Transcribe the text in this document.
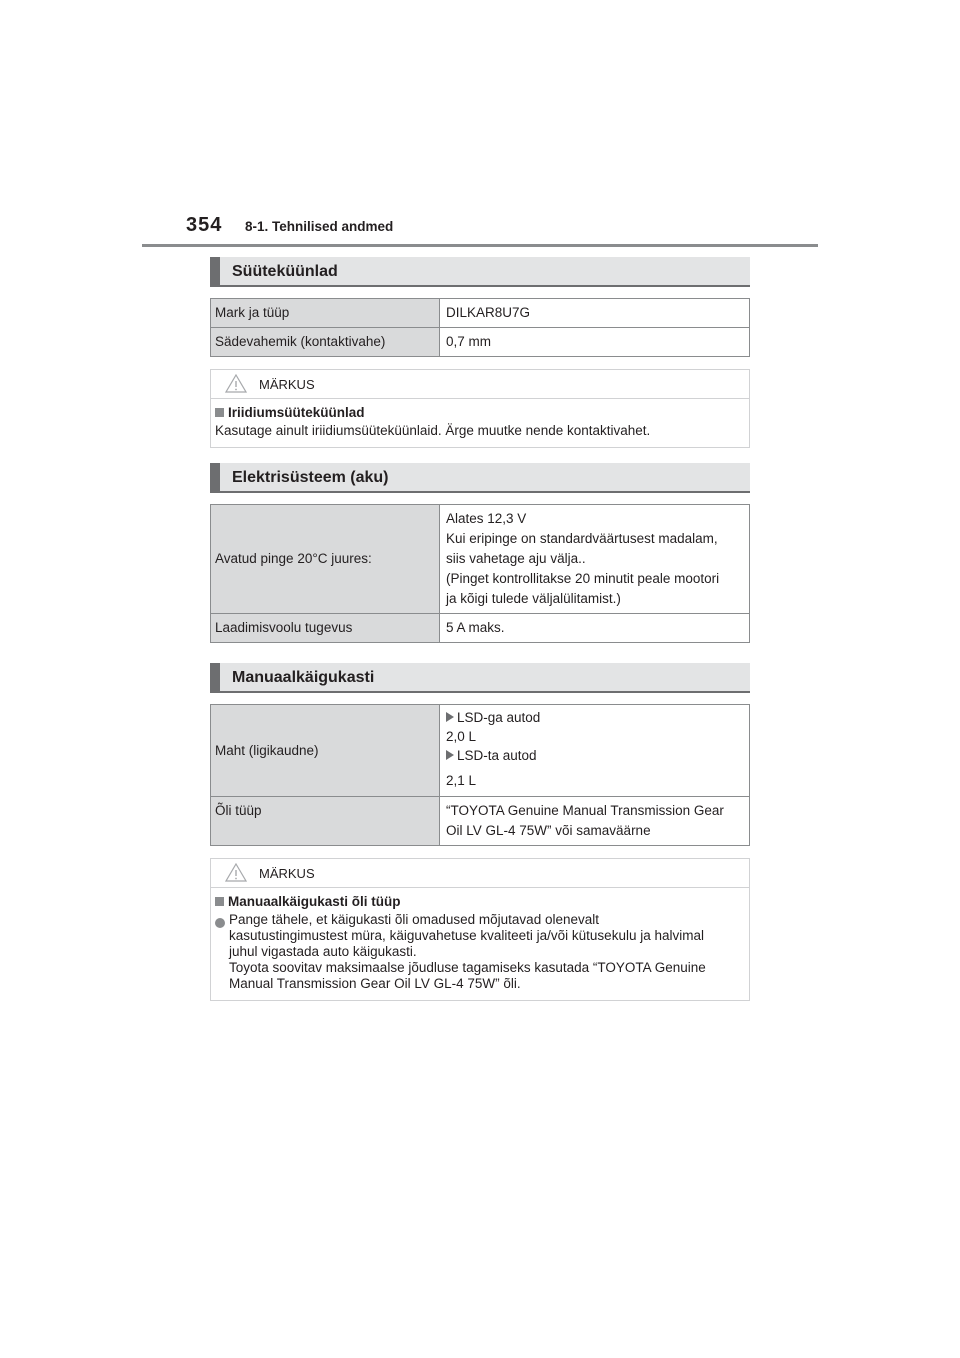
354 8-1. Tehnilised andmed
Süüteküünlad
Mark ja tüüp	DILKAR8U7G
Sädevahemik (kontaktivahe)	0,7 mm
MÄRKUS
Iriidiumsüüteküünlad
Kasutage ainult iriidiumsüüteküünlaid. Ärge muutke nende kontaktivahet.
Elektrisüsteem (aku)
Avatud pinge 20°C juures:	Alates 12,3 V
Kui eripinge on standardväärtusest madalam,
siis vahetage aju välja..
(Pinget kontrollitakse 20 minutit peale mootori
ja kõigi tulede väljalülitamist.)

Laadimisvoolu tugevus	5 A maks.
Manuaalkäigukasti
Maht (ligikaudne)	LSD-ga autod
2,0 L
LSD-ta autod
2,1 L

Õli tüüp	“TOYOTA Genuine Manual Transmission Gear
Oil LV GL-4 75W” või samaväärne
MÄRKUS
Manuaalkäigukasti õli tüüp
Pange tähele, et käigukasti õli omadused mõjutavad olenevalt
kasutustingimustest müra, käiguvahetuse kvaliteeti ja/või kütusekulu ja halvimal
juhul vigastada auto käigukasti.
Toyota soovitav maksimaalse jõudluse tagamiseks kasutada “TOYOTA Genuine
Manual Transmission Gear Oil LV GL-4 75W” õli.
